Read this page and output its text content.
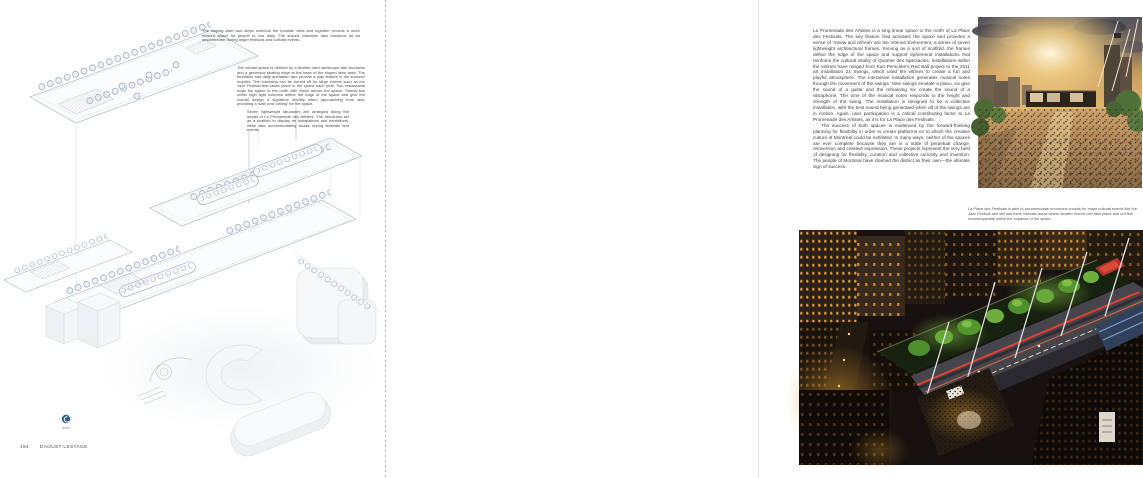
North
The sloping lawn and steps overlook the fountain area and together provide a more relaxed space for people to use daily. The sloped character also functions as an amphitheatre during larger festivals and cultural events.
The central space is defined by a flexible hard landscape with fountains and a generous seating edge at the base of the sloped lawn area. The fountains add daily animation and provide a play feature in the summer months. The fountains can be turned off for large events such as the Jazz Festival that takes place in the space each year. Two restaurants edge the space to the north with views across the space. Twenty-five meter high light columns define the edge of the space and give the overall design a signature identity when approaching from afar, providing a ‘wall’ and ‘ceiling’ for the space.
Seven lightweight structures are arranged along the length of La Promenade des Artistes. The structures act as a scaffold to display art installations and exhibitions, while also accommodating kiosks during festivals and events.
194 DAOUST LESTAGE

La Promenade des Artistes is a long linear space to the north of La Place des Festivals. The key feature that activates the space and provides a sense of ‘renew and refresh’ are the Vitrines Événement, a series of seven lightweight architectural frames. Serving as a sort of scaffold, the frames define the edge of the space and support ephemeral installations that reinforce the cultural vitality of Quartier des Spectacles. Installations within the vitrines have ranged from Kurt Perschke’s Red Ball project to the 2011 art installation 21 Swings, which used the vitrines to create a fun and playful atmosphere. The interactive installation generates musical notes through the movement of the swings. Nine swings emulate a piano, six give the sound of a guitar and the remaining six create the sound of a vibraphone. The tone of the musical notes responds to the height and strength of the swing. The installation is designed to be a collective installation, with the best sound being generated when all of the swings are in motion. Again, user participation is a critical contributing factor to La Promenade des Artistes, as it is for La Place des Festivals.

The success of both spaces is evidenced by the forward-thinking planning for flexibility in order to create platforms on to which the creative culture of Montreal could be exhibited. In many ways, neither of the spaces are ever complete because they are in a state of perpetual change, reinvention and creative expression. These projects represent the very best of designing for flexibility, curation and collective curiosity and invention. The people of Montreal have claimed the district as their own—the ultimate sign of success.

La Place des Festivals is able to accommodate enormous crowds for major cultural events like the Jazz Festival and still has more intimate areas where smaller events can take place and not feel inconsequential within the expanse of the space.
